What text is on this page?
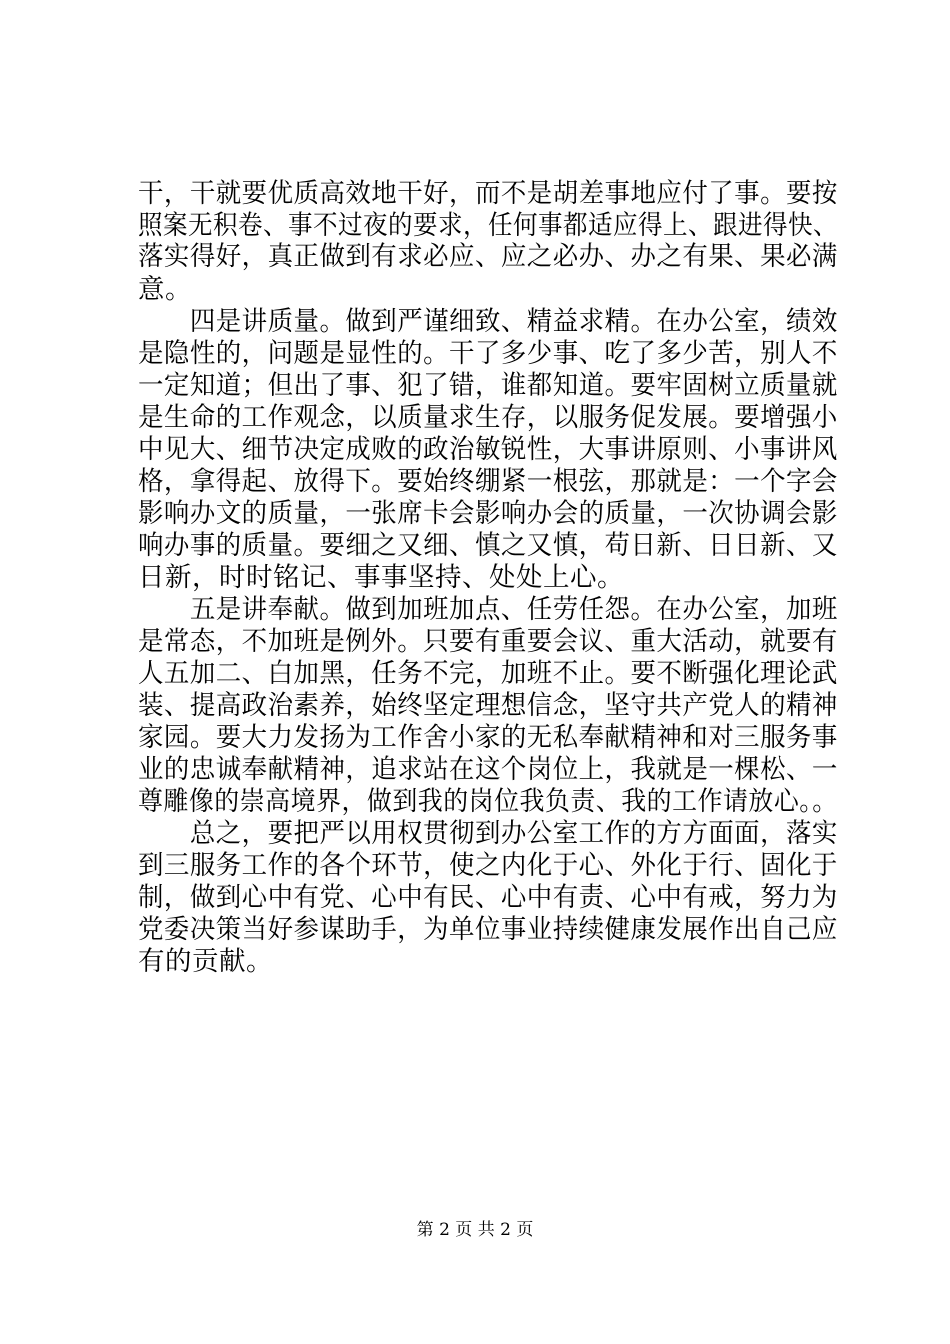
干，干就要优质高效地干好，而不是胡差事地应付了事。要按
照案无积卷、事不过夜的要求，任何事都适应得上、跟进得快、
落实得好，真正做到有求必应、应之必办、办之有果、果必满
意。
　　四是讲质量。做到严谨细致、精益求精。在办公室，绩效
是隐性的，问题是显性的。干了多少事、吃了多少苦，别人不
一定知道；但出了事、犯了错，谁都知道。要牢固树立质量就
是生命的工作观念，以质量求生存，以服务促发展。要增强小
中见大、细节决定成败的政治敏锐性，大事讲原则、小事讲风
格，拿得起、放得下。要始终绷紧一根弦，那就是：一个字会
影响办文的质量，一张席卡会影响办会的质量，一次协调会影
响办事的质量。要细之又细、慎之又慎，苟日新、日日新、又
日新，时时铭记、事事坚持、处处上心。
　　五是讲奉献。做到加班加点、任劳任怨。在办公室，加班
是常态，不加班是例外。只要有重要会议、重大活动，就要有
人五加二、白加黑，任务不完，加班不止。要不断强化理论武
装、提高政治素养，始终坚定理想信念，坚守共产党人的精神
家园。要大力发扬为工作舍小家的无私奉献精神和对三服务事
业的忠诚奉献精神，追求站在这个岗位上，我就是一棵松、一
尊雕像的崇高境界，做到我的岗位我负责、我的工作请放心。。
　　总之，要把严以用权贯彻到办公室工作的方方面面，落实
到三服务工作的各个环节，使之内化于心、外化于行、固化于
制，做到心中有党、心中有民、心中有责、心中有戒，努力为
党委决策当好参谋助手，为单位事业持续健康发展作出自己应
有的贡献。
第 2 页 共 2 页
